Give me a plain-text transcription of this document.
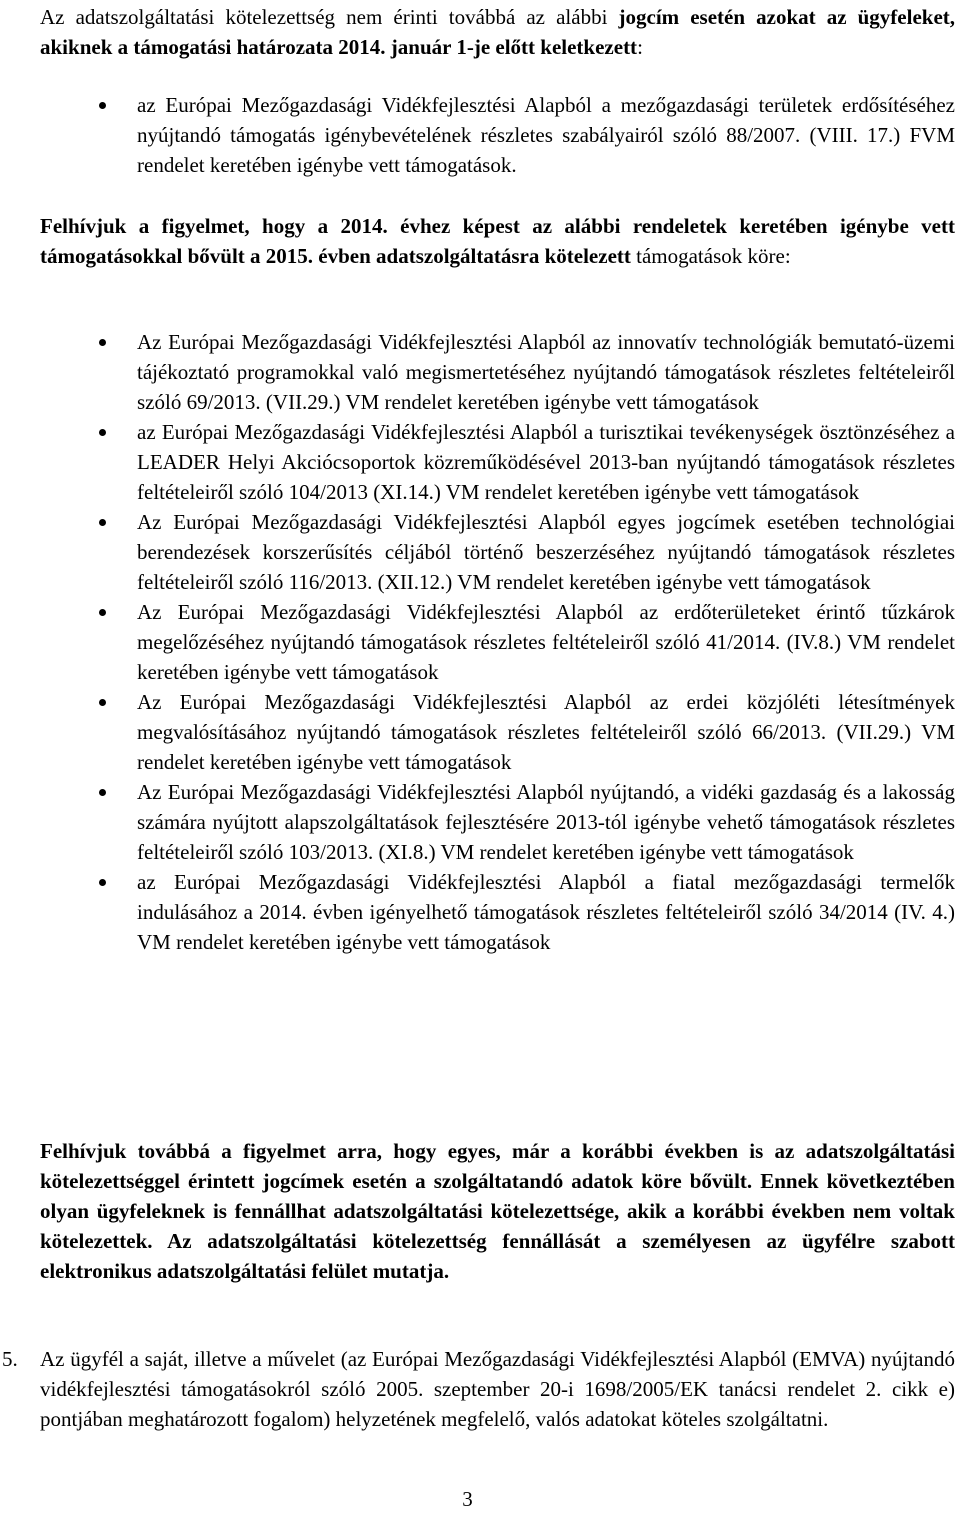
Az adatszolgáltatási kötelezettség nem érinti továbbá az alábbi jogcím esetén azokat az ügyfeleket, akiknek a támogatási határozata 2014. január 1-je előtt keletkezett:

az Európai Mezőgazdasági Vidékfejlesztési Alapból a mezőgazdasági területek erdősítéséhez nyújtandó támogatás igénybevételének részletes szabályairól szóló 88/2007. (VIII. 17.) FVM rendelet keretében igénybe vett támogatások.

Felhívjuk a figyelmet, hogy a 2014. évhez képest az alábbi rendeletek keretében igénybe vett támogatásokkal bővült a 2015. évben adatszolgáltatásra kötelezett támogatások köre:

Az Európai Mezőgazdasági Vidékfejlesztési Alapból az innovatív technológiák bemutató-üzemi tájékoztató programokkal való megismertetéséhez nyújtandó támogatások részletes feltételeiről szóló 69/2013. (VII.29.) VM rendelet keretében igénybe vett támogatások
az Európai Mezőgazdasági Vidékfejlesztési Alapból a turisztikai tevékenységek ösztönzéséhez a LEADER Helyi Akciócsoportok közreműködésével 2013-ban nyújtandó támogatások részletes feltételeiről szóló 104/2013 (XI.14.) VM rendelet keretében igénybe vett támogatások
Az Európai Mezőgazdasági Vidékfejlesztési Alapból egyes jogcímek esetében technológiai berendezések korszerűsítés céljából történő beszerzéséhez nyújtandó támogatások részletes feltételeiről szóló 116/2013. (XII.12.) VM rendelet keretében igénybe vett támogatások
Az Európai Mezőgazdasági Vidékfejlesztési Alapból az erdőterületeket érintő tűzkárok megelőzéséhez nyújtandó támogatások részletes feltételeiről szóló 41/2014. (IV.8.) VM rendelet keretében igénybe vett támogatások
Az Európai Mezőgazdasági Vidékfejlesztési Alapból az erdei közjóléti létesítmények megvalósításához nyújtandó támogatások részletes feltételeiről szóló 66/2013. (VII.29.) VM rendelet keretében igénybe vett támogatások
Az Európai Mezőgazdasági Vidékfejlesztési Alapból nyújtandó, a vidéki gazdaság és a lakosság számára nyújtott alapszolgáltatások fejlesztésére 2013-tól igénybe vehető támogatások részletes feltételeiről szóló 103/2013. (XI.8.) VM rendelet keretében igénybe vett támogatások
az Európai Mezőgazdasági Vidékfejlesztési Alapból a fiatal mezőgazdasági termelők indulásához a 2014. évben igényelhető támogatások részletes feltételeiről szóló 34/2014 (IV. 4.) VM rendelet keretében igénybe vett támogatások

Felhívjuk továbbá a figyelmet arra, hogy egyes, már a korábbi években is az adatszolgáltatási kötelezettséggel érintett jogcímek esetén a szolgáltatandó adatok köre bővült. Ennek következtében olyan ügyfeleknek is fennállhat adatszolgáltatási kötelezettsége, akik a korábbi években nem voltak kötelezettek. Az adatszolgáltatási kötelezettség fennállását a személyesen az ügyfélre szabott elektronikus adatszolgáltatási felület mutatja.

5. Az ügyfél a saját, illetve a művelet (az Európai Mezőgazdasági Vidékfejlesztési Alapból (EMVA) nyújtandó vidékfejlesztési támogatásokról szóló 2005. szeptember 20-i 1698/2005/EK tanácsi rendelet 2. cikk e) pontjában meghatározott fogalom) helyzetének megfelelő, valós adatokat köteles szolgáltatni.
3
